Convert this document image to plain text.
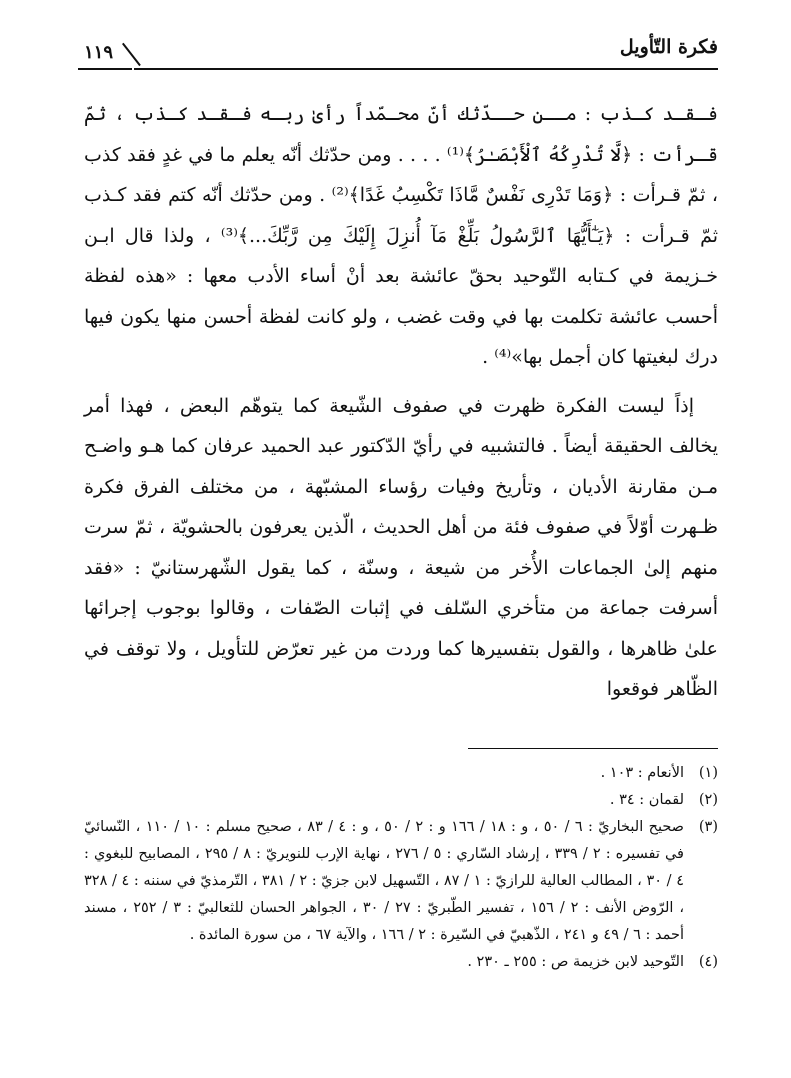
فكرة التّأويل
١١٩

فـقـد كـذب : مــن حــدّثك أنّ محـمّداً رأىٰ ربـه فـقـد كـذب ، ثمّ قـرأت : ﴿لَّا تُدْرِكُهُ ٱلْأَبْصَـٰرُ﴾⁽¹⁾ . . . . ومن حدّثك أنّه يعلم ما في غدٍ فقد كذب ، ثمّ قـرأت : ﴿وَمَا تَدْرِى نَفْسٌ مَّاذَا تَكْسِبُ غَدًا﴾⁽²⁾ . ومن حدّثك أنّه كتم فقد كـذب ثمّ قـرأت : ﴿يَـٰٓأَيُّهَا ٱلرَّسُولُ بَلِّغْ مَآ أُنزِلَ إِلَيْكَ مِن رَّبِّكَ...﴾⁽³⁾ ، ولذا قال ابـن خـزيمة في كـتابه التّوحيد بحقّ عائشة بعد أنْ أساء الأدب معها : «هذه لفظة أحسب عائشة تكلمت بها في وقت غضب ، ولو كانت لفظة أحسن منها يكون فيها درك لبغيتها كان أجمل بها»⁽⁴⁾ .

إذاً ليست الفكرة ظهرت في صفوف الشّيعة كما يتوهّم البعض ، فهذا أمر يخالف الحقيقة أيضاً . فالتشبيه في رأيّ الدّكتور عبد الحميد عرفان كما هـو واضـح مـن مقارنة الأديان ، وتأريخ وفيات رؤساء المشبّهة ، من مختلف الفرق فكرة ظـهرت أوّلاً في صفوف فئة من أهل الحديث ، الّذين يعرفون بالحشويّة ، ثمّ سرت منهم إلىٰ الجماعات الأُخر من شيعة ، وسنّة ، كما يقول الشّهرستانيّ : «فقد أسرفت جماعة من متأخري السّلف في إثبات الصّفات ، وقالوا بوجوب إجرائها علىٰ ظاهرها ، والقول بتفسيرها كما وردت من غير تعرّض للتأويل ، ولا توقف في الظّاهر فوقعوا

(١)
الأنعام : ١٠٣ .
(٢)
لقمان : ٣٤ .
(٣)
صحيح البخاريّ : ٦ / ٥٠ ، و : ١٨ / ١٦٦ و : ٢ / ٥٠ ، و : ٤ / ٨٣ ، صحيح مسلم : ١٠ / ١١٠ ، النّسائيّ في تفسيره : ٢ / ٣٣٩ ، إرشاد السّاري : ٥ / ٢٧٦ ، نهاية الإرب للنويريّ : ٨ / ٢٩٥ ، المصابيح للبغوي : ٤ / ٣٠ ، المطالب العالية للرازيّ : ١ / ٨٧ ، التّسهيل لابن جزيّ : ٢ / ٣٨١ ، التّرمذيّ في سننه : ٤ / ٣٢٨ ، الرّوض الأنف : ٢ / ١٥٦ ، تفسير الطّبريّ : ٢٧ / ٣٠ ، الجواهر الحسان للثعالبيّ : ٣ / ٢٥٢ ، مسند أحمد : ٦ / ٤٩ و ٢٤١ ، الذّهبيّ في السّيرة : ٢ / ١٦٦ ، والآية ٦٧ ، من سورة المائدة .
(٤)
التّوحيد لابن خزيمة ص : ٢٥٥ ـ ٢٣٠ .
